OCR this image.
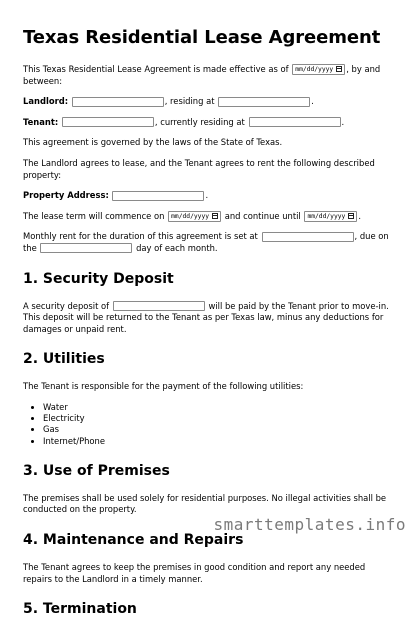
Texas Residential Lease Agreement

This Texas Residential Lease Agreement is made effective as of mm/dd/yyyy , by and between:

Landlord:	, residing at	.
Tenant:	, currently residing at	.

This agreement is governed by the laws of the State of Texas.

The Landlord agrees to lease, and the Tenant agrees to rent the following described property:

Property Address:	.
The lease term will commence on mm/dd/yyyy and continue until mm/dd/yyyy .

Monthly rent for the duration of this agreement is set at	, due on the	day of each month.

1. Security Deposit

A security deposit of	will be paid by the Tenant prior to move-in. This deposit will be returned to the Tenant as per Texas law, minus any deductions for damages or unpaid rent.

2. Utilities

The Tenant is responsible for the payment of the following utilities:

• Water
• Electricity
• Gas
• Internet/Phone
3. Use of Premises

The premises shall be used solely for residential purposes. No illegal activities shall be conducted on the property.

4. Maintenance and Repairs

The Tenant agrees to keep the premises in good condition and report any needed repairs to the Landlord in a timely manner.

5. Termination
smarttemplates.info
